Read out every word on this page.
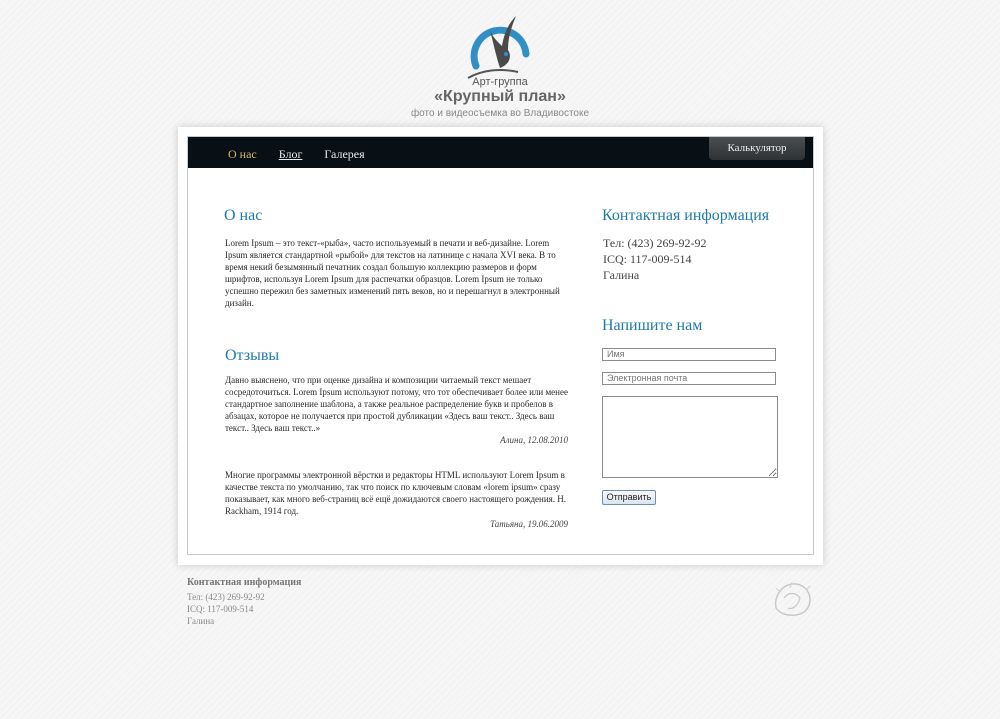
Арт-группа
«Крупный план»
фото и видеосъемка во Владивостоке
О нас Блог Галерея	Калькулятор
О нас

Lorem Ipsum – это текст-«рыба», часто используемый в печати и веб-дизайне. Lorem Ipsum является стандартной «рыбой» для текстов на латинице с начала XVI века. В то время некий безымянный печатник создал большую коллекцию размеров и форм шрифтов, используя Lorem Ipsum для распечатки образцов. Lorem Ipsum не только успешно пережил без заметных изменений пять веков, но и перешагнул в электронный дизайн.

Отзывы

Давно выяснено, что при оценке дизайна и композиции читаемый текст мешает сосредоточиться. Lorem Ipsum используют потому, что тот обеспечивает более или менее стандартное заполнение шаблона, а также реальное распределение букв и пробелов в абзацах, которое не получается при простой дубликации «Здесь ваш текст.. Здесь ваш текст.. Здесь ваш текст..»

Алина, 12.08.2010

Многие программы электронной вёрстки и редакторы HTML используют Lorem Ipsum в качестве текста по умолчанию, так что поиск по ключевым словам «lorem ipsum» сразу показывает, как много веб-страниц всё ещё дожидаются своего настоящего рождения. H. Rackham, 1914 год.

Татьяна, 19.06.2009
Контактная информация
Тел: (423) 269-92-92
ICQ: 117-009-514
Галина
Напишите нам
Имя
Электронная почта
Отправить
Контактная информация
Тел: (423) 269-92-92
ICQ: 117-009-514
Галина
